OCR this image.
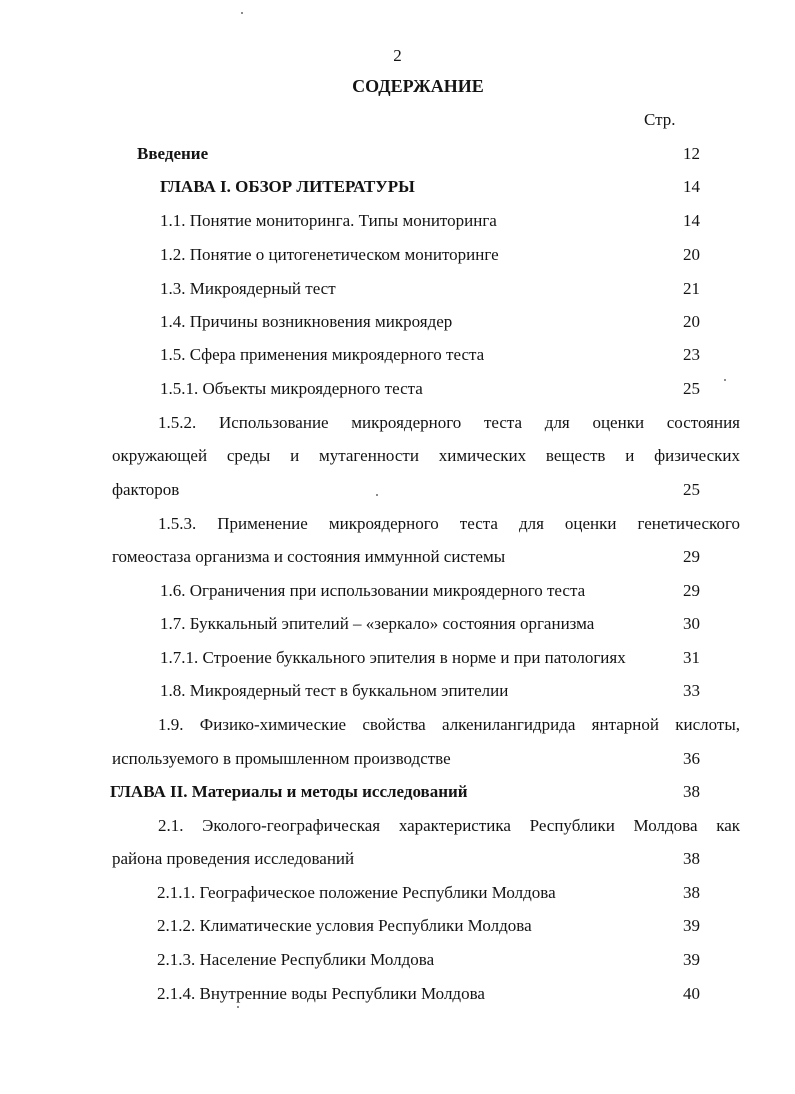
2
СОДЕРЖАНИЕ
Стр.
Введение	12
ГЛАВА I. ОБЗОР ЛИТЕРАТУРЫ	14
1.1. Понятие мониторинга. Типы мониторинга	14
1.2. Понятие о цитогенетическом мониторинге	20
1.3. Микроядерный тест	21
1.4. Причины возникновения микроядер	20
1.5. Сфера применения микроядерного теста	23
1.5.1. Объекты микроядерного теста	25
1.5.2. Использование микроядерного теста для оценки состояния
окружающей среды и мутагенности химических веществ и физических
факторов	25
1.5.3. Применение микроядерного теста для оценки генетического
гомеостаза организма и состояния иммунной системы	29
1.6. Ограничения при использовании микроядерного теста	29
1.7. Буккальный эпителий – «зеркало» состояния организма	30
1.7.1. Строение буккального эпителия в норме и при патологиях	31
1.8. Микроядерный тест в буккальном эпителии	33
1.9. Физико-химические свойства алкенилангидрида янтарной кислоты,
используемого в промышленном производстве	36
ГЛАВА II. Материалы и методы исследований	38
2.1. Эколого-географическая характеристика Республики Молдова как
района проведения исследований	38
2.1.1. Географическое положение Республики Молдова	38
2.1.2. Климатические условия Республики Молдова	39
2.1.3. Население Республики Молдова	39
2.1.4. Внутренние воды Республики Молдова	40
